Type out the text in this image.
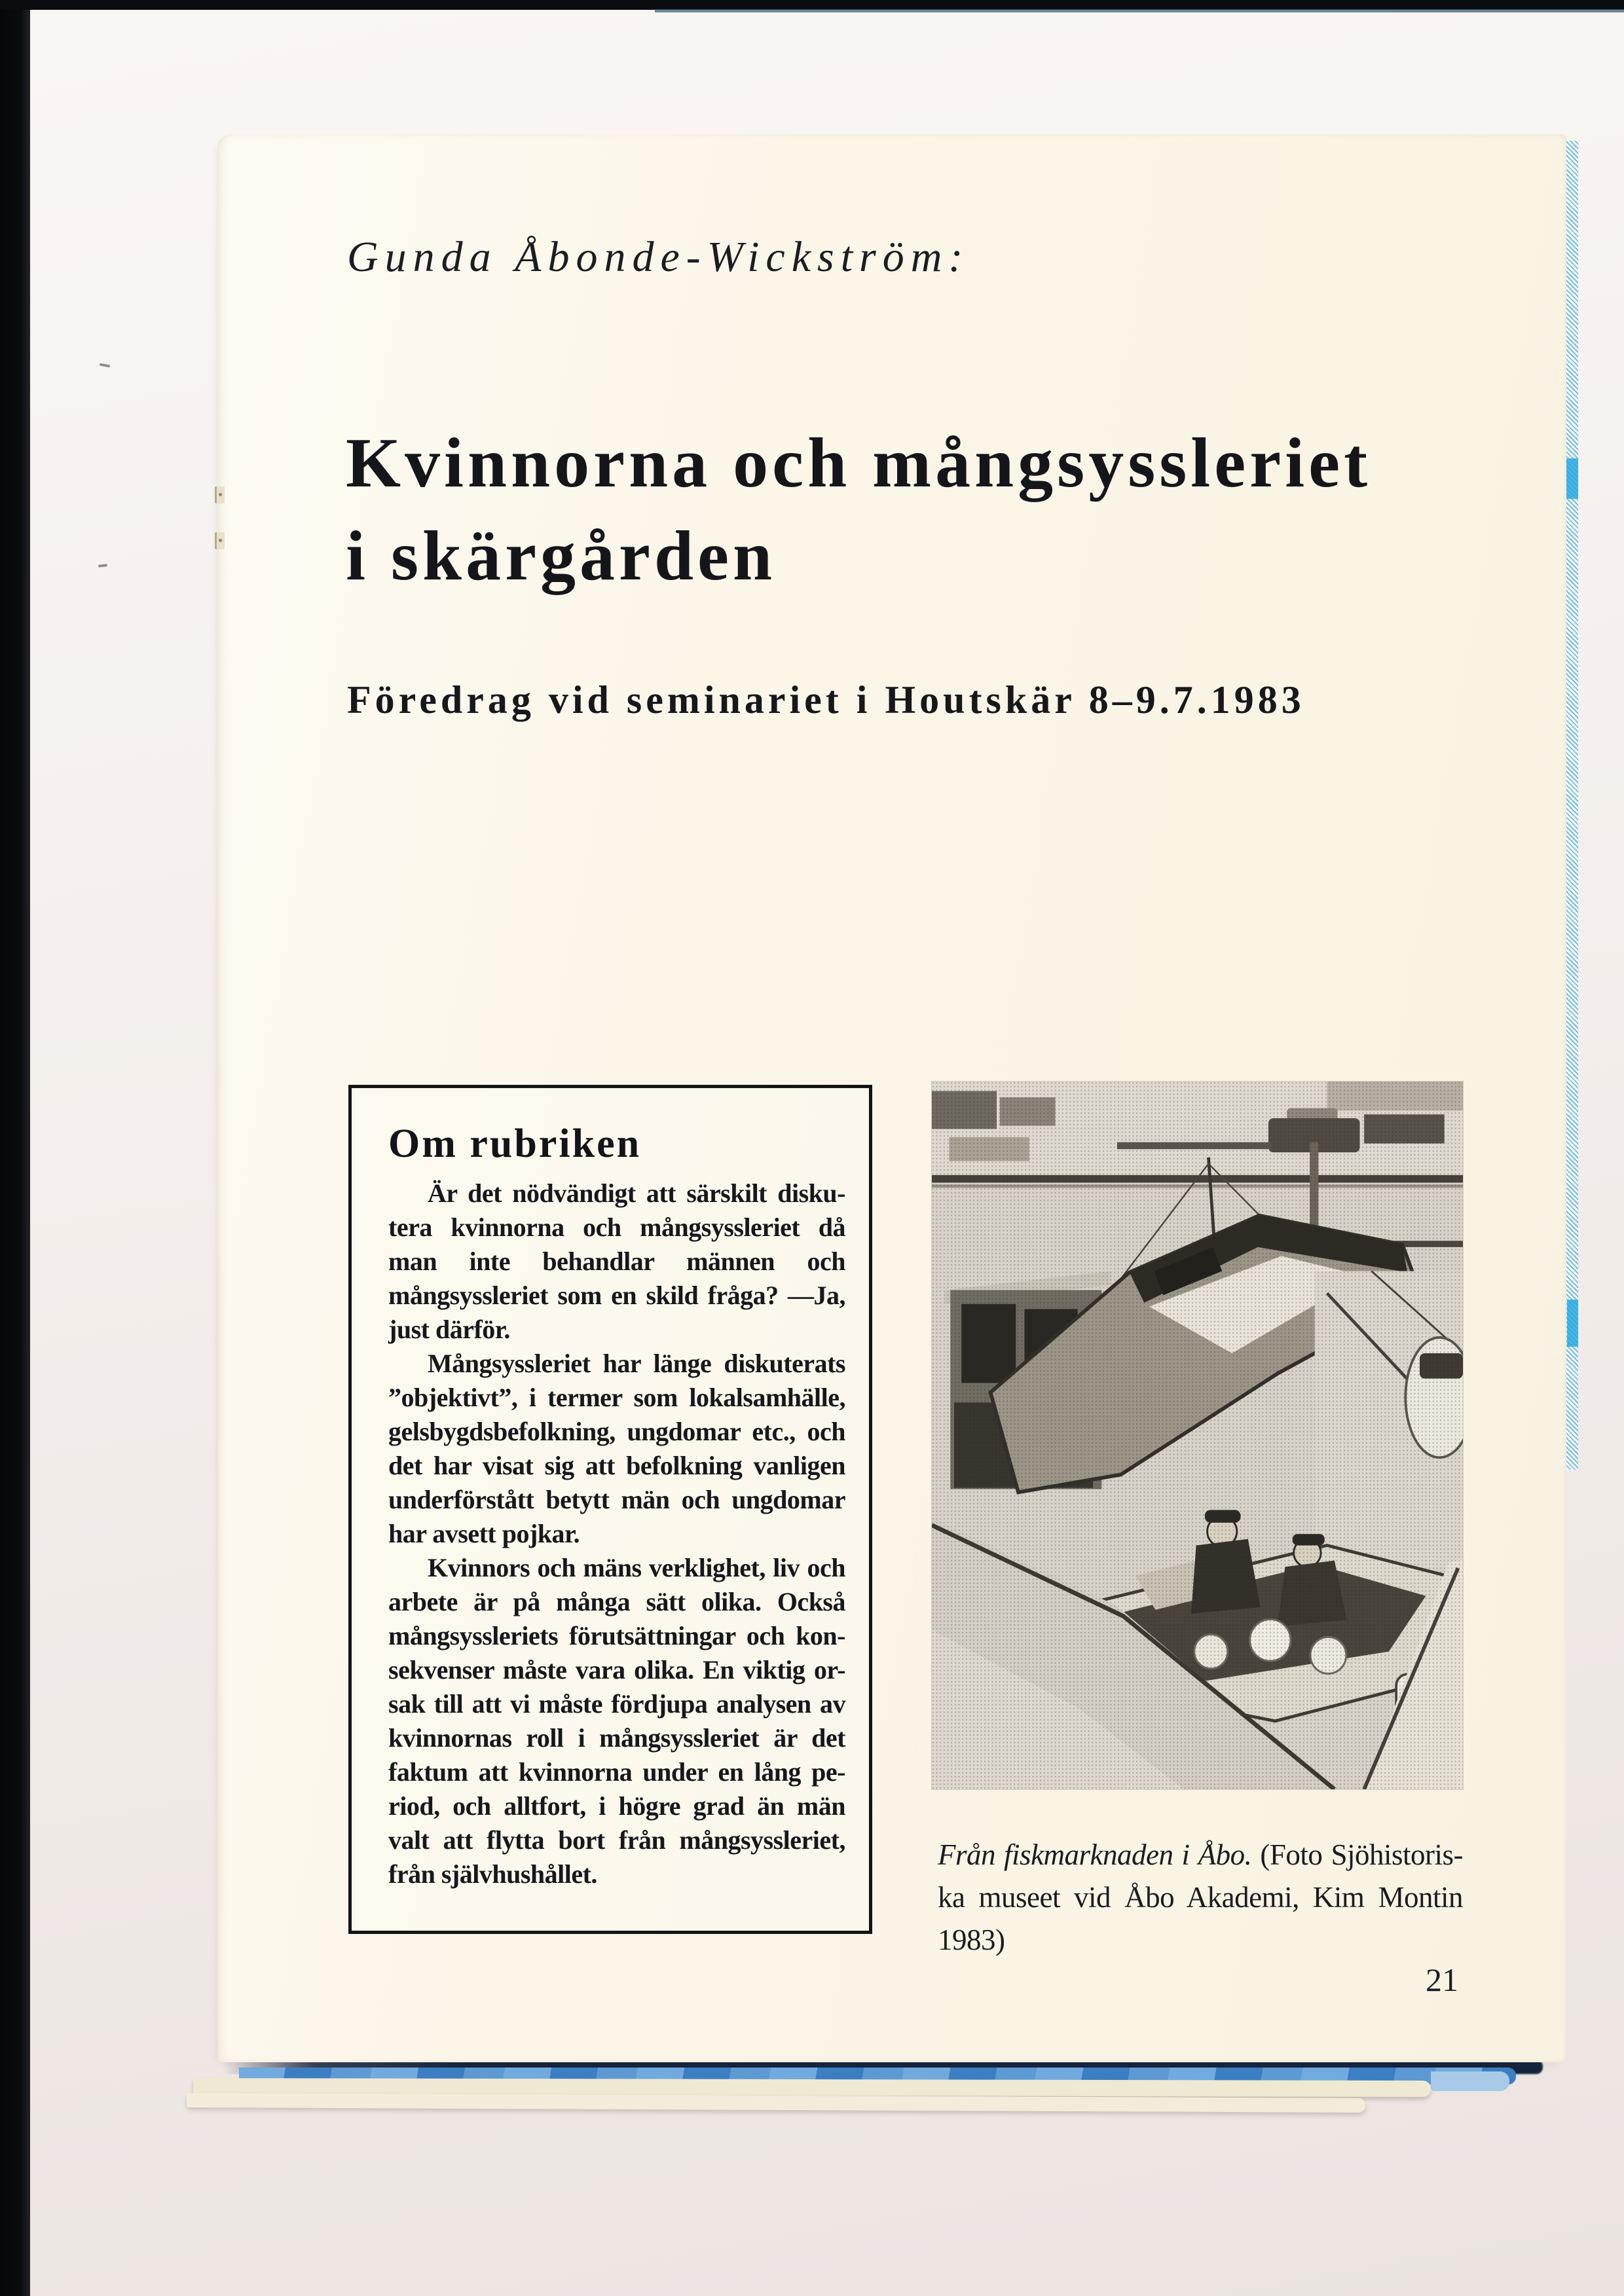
Gunda Åbonde-Wickström:
Kvinnorna och mångsyssleriet
i skärgården
Föredrag vid seminariet i Houtskär 8–9.7.1983
Om rubriken
Är det nödvändigt att särskilt disku-
tera kvinnorna och mångsyssleriet då
man inte behandlar männen och
mångsyssleriet som en skild fråga? —Ja,
just därför.
Mångsyssleriet har länge diskuterats
”objektivt”, i termer som lokalsamhälle,
gelsbygdsbefolkning, ungdomar etc., och
det har visat sig att befolkning vanligen
underförstått betytt män och ungdomar
har avsett pojkar.
Kvinnors och mäns verklighet, liv och
arbete är på många sätt olika. Också
mångsyssleriets förutsättningar och kon-
sekvenser måste vara olika. En viktig or-
sak till att vi måste fördjupa analysen av
kvinnornas roll i mångsyssleriet är det
faktum att kvinnorna under en lång pe-
riod, och alltfort, i högre grad än män
valt att flytta bort från mångsyssleriet,
från självhushållet.
Från fiskmarknaden i Åbo. (Foto Sjöhistoris-
ka museet vid Åbo Akademi, Kim Montin
1983)
21
